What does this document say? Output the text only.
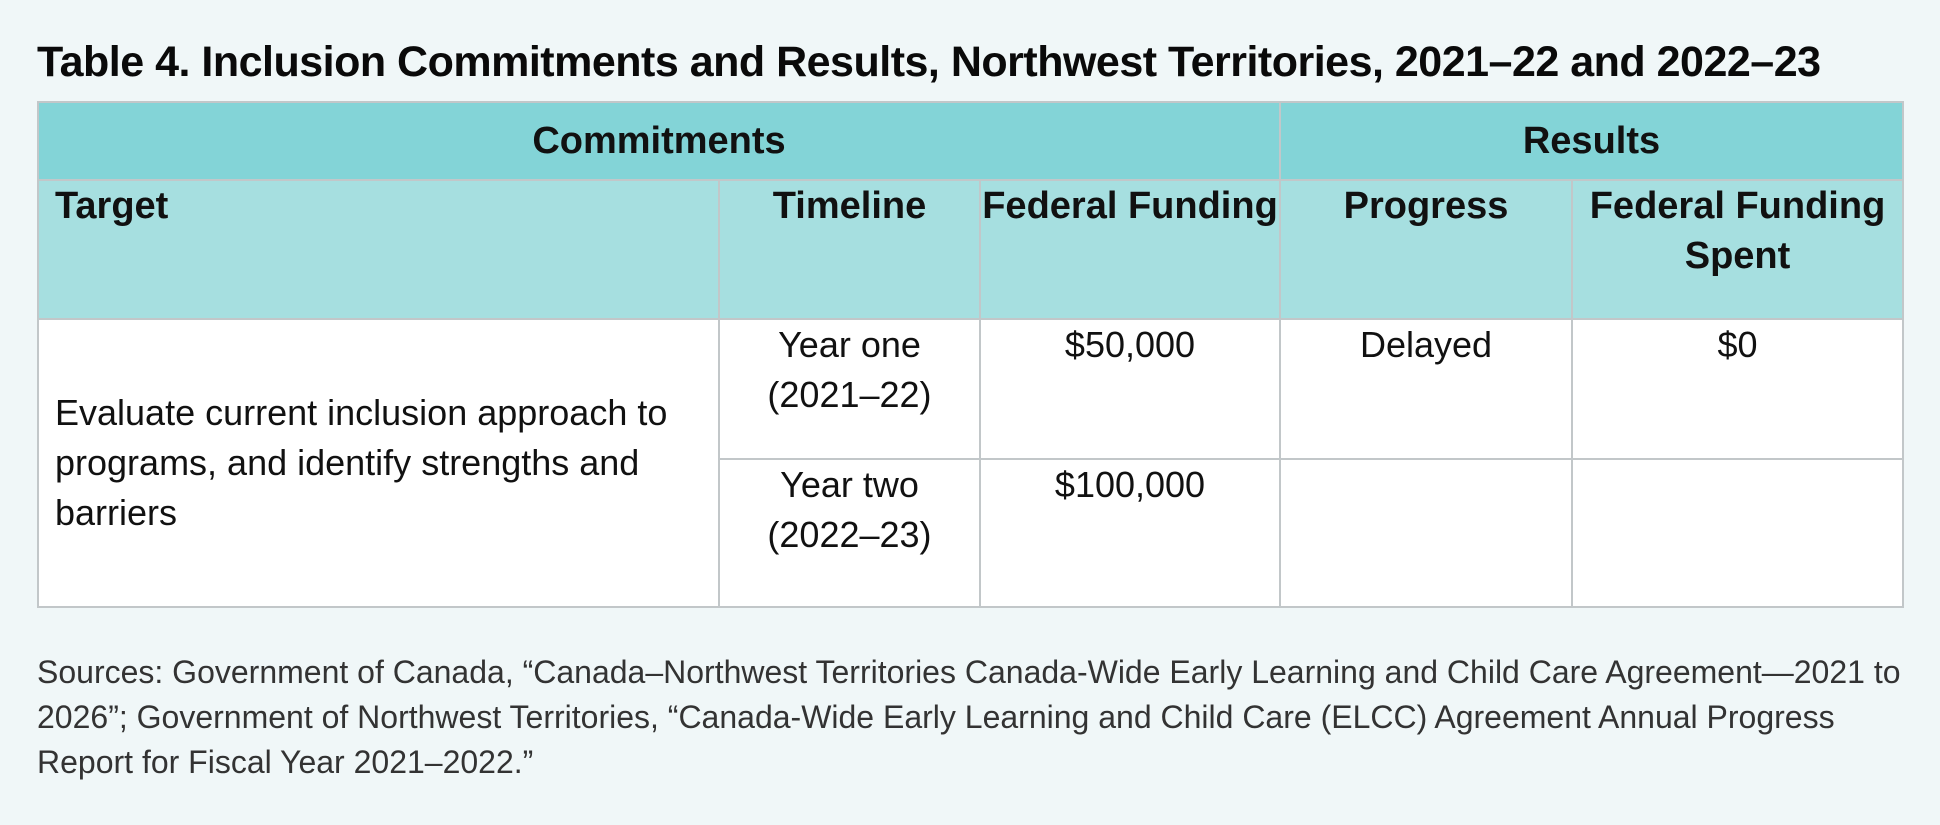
Table 4. Inclusion Commitments and Results, Northwest Territories, 2021–22 and 2022–23
Commitments			Results	
Target	Timeline	Federal Funding	Progress	Federal Funding Spent
Evaluate current inclusion approach to programs, and identify strengths and barriers	Year one (2021–22)	$50,000	Delayed	$0
	Year two (2022–23)	$100,000		
Sources: Government of Canada, “Canada–Northwest Territories Canada-Wide Early Learning and Child Care Agreement—2021 to 2026”; Government of Northwest Territories, “Canada-Wide Early Learning and Child Care (ELCC) Agreement Annual Progress Report for Fiscal Year 2021–2022.”
